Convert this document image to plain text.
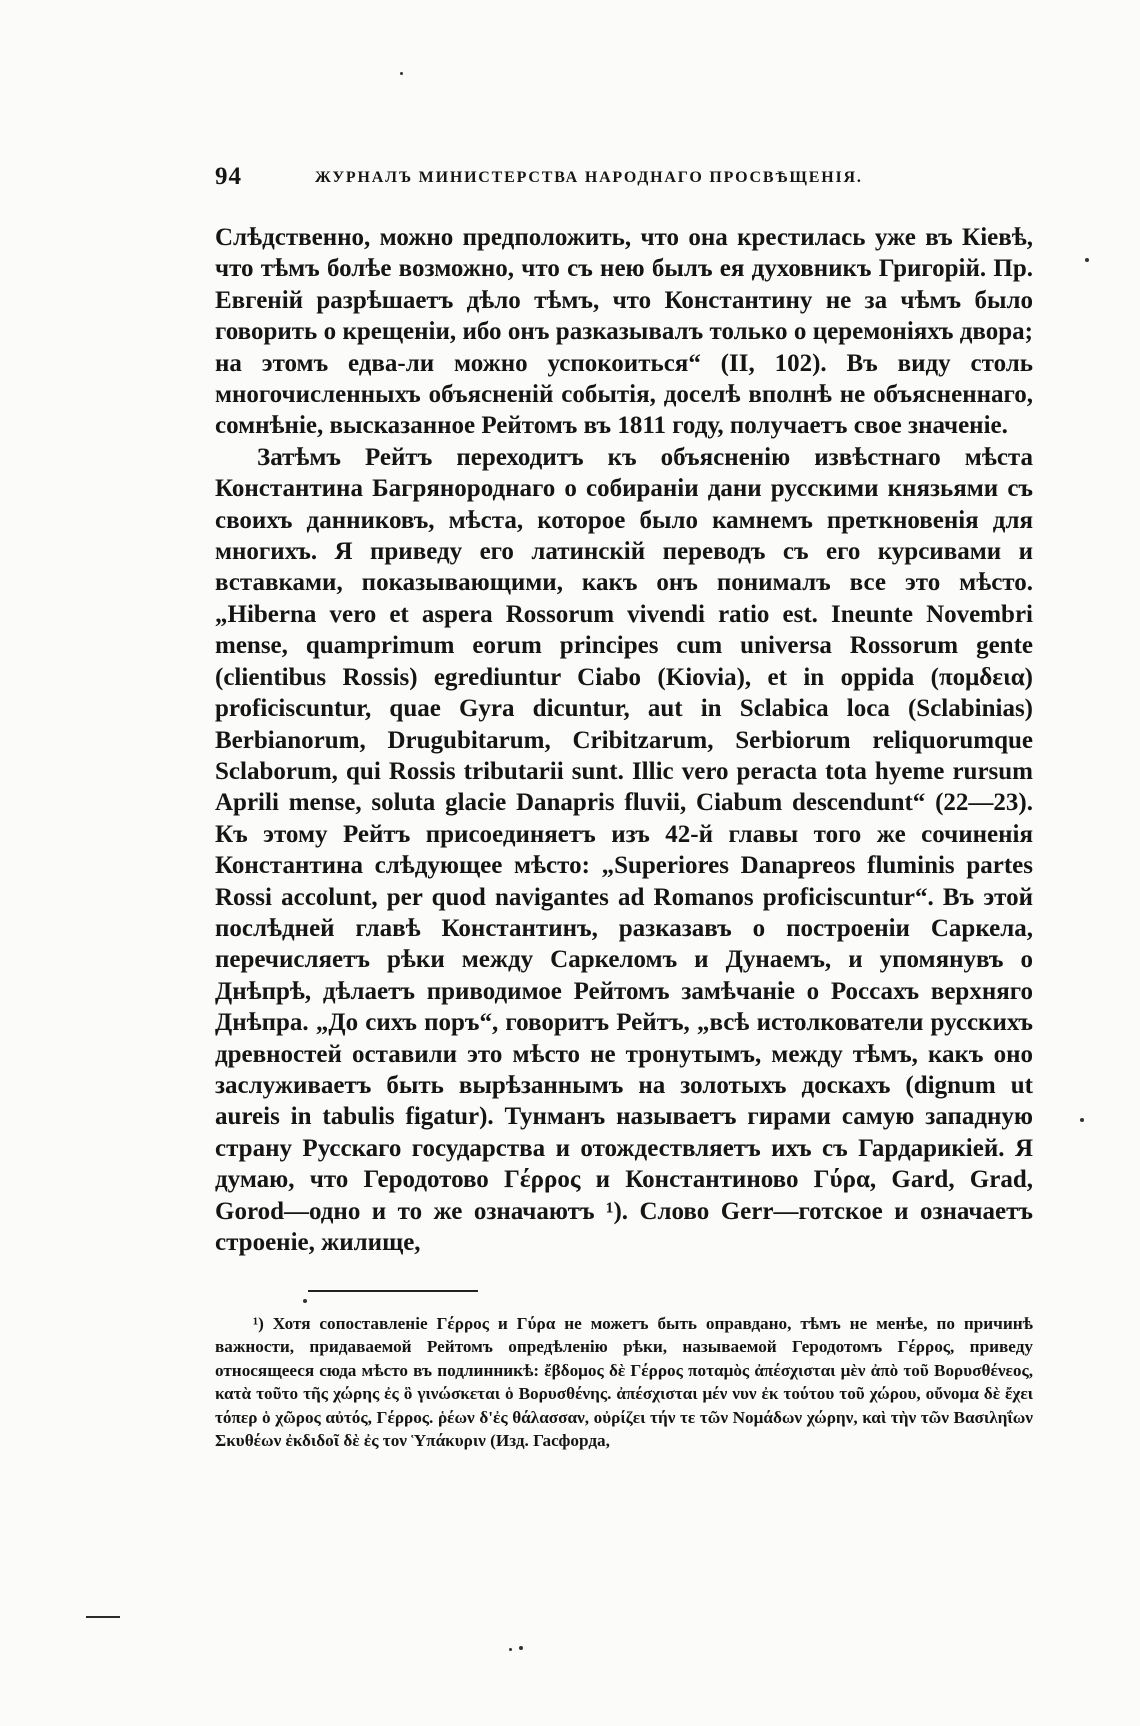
94	ЖУРНАЛЪ МИНИСТЕРСТВА НАРОДНАГО ПРОСВѢЩЕНІЯ.

Слѣдственно, можно предположить, что она крестилась уже въ Кіевѣ, что тѣмъ болѣе возможно, что съ нею былъ ея духовникъ Григорій. Пр. Евгеній разрѣшаетъ дѣло тѣмъ, что Константину не за чѣмъ было говорить о крещеніи, ибо онъ разказывалъ только о церемоніяхъ двора; на этомъ едва-ли можно успокоиться“ (II, 102). Въ виду столь многочисленныхъ объясненій событія, доселѣ вполнѣ не объясненнаго, сомнѣніе, высказанное Рейтомъ въ 1811 году, получаетъ свое значеніе.

Затѣмъ Рейтъ переходитъ къ объясненію извѣстнаго мѣста Константина Багрянороднаго о собираніи дани русскими князьями съ своихъ данниковъ, мѣста, которое было камнемъ преткновенія для многихъ. Я приведу его латинскій переводъ съ его курсивами и вставками, показывающими, какъ онъ понималъ все это мѣсто. „Hiberna vero et aspera Rossorum vivendi ratio est. Ineunte Novembri mense, quamprimum eorum principes cum universa Rossorum gente (clientibus Rossis) egrediuntur Ciabo (Kiovia), et in oppida (πομδεια) proficiscuntur, quae Gyra dicuntur, aut in Sclabica loca (Sclabinias) Berbianorum, Drugubitarum, Cribitzarum, Serbiorum reliquorumque Sclaborum, qui Rossis tributarii sunt. Illic vero peracta tota hyeme rursum Aprili mense, soluta glacie Danapris fluvii, Ciabum descendunt“ (22—23). Къ этому Рейтъ присоединяетъ изъ 42-й главы того же сочиненія Константина слѣдующее мѣсто: „Superiores Danapreos fluminis partes Rossi accolunt, per quod navigantes ad Romanos proficiscuntur“. Въ этой послѣдней главѣ Константинъ, разказавъ о построеніи Саркела, перечисляетъ рѣки между Саркеломъ и Дунаемъ, и упомянувъ о Днѣпрѣ, дѣлаетъ приводимое Рейтомъ замѣчаніе о Россахъ верхняго Днѣпра. „До сихъ поръ“, говоритъ Рейтъ, „всѣ истолкователи русскихъ древностей оставили это мѣсто не тронутымъ, между тѣмъ, какъ оно заслуживаетъ быть вырѣзаннымъ на золотыхъ доскахъ (dignum ut aureis in tabulis figatur). Тунманъ называетъ гирами самую западную страну Русскаго государства и отождествляетъ ихъ съ Гардарикіей. Я думаю, что Геродотово Γέρρος и Константиново Γύρα, Gard, Grad, Gorod—одно и то же означаютъ ¹). Слово Gerr—готское и означаетъ строеніе, жилище,

¹) Хотя сопоставленіе Γέρρος и Γύρα не можетъ быть оправдано, тѣмъ не менѣе, по причинѣ важности, придаваемой Рейтомъ опредѣленію рѣки, называемой Геродотомъ Γέρρος, приведу относящееся сюда мѣсто въ подлинникѣ: ἔβδομος δὲ Γέρρος ποταμὸς ἀπέσχισται μὲν ἀπὸ τοῦ Βορυσθένεος, κατὰ τοῦτο τῆς χώρης ἐς ὃ γινώσκεται ὁ Βορυσθένης. ἀπέσχισται μέν νυν ἐκ τούτου τοῦ χώρου, οὔνομα δὲ ἔχει τόπερ ὁ χῶρος αὐτός, Γέρρος. ῥέων δ'ἐς θάλασσαν, οὐρίζει τήν τε τῶν Νομάδων χώρην, καὶ τὴν τῶν Βασιληΐων Σκυθέων ἐκδιδοῖ δὲ ἐς τον Ὑπάκυριν (Изд. Гасфорда,
